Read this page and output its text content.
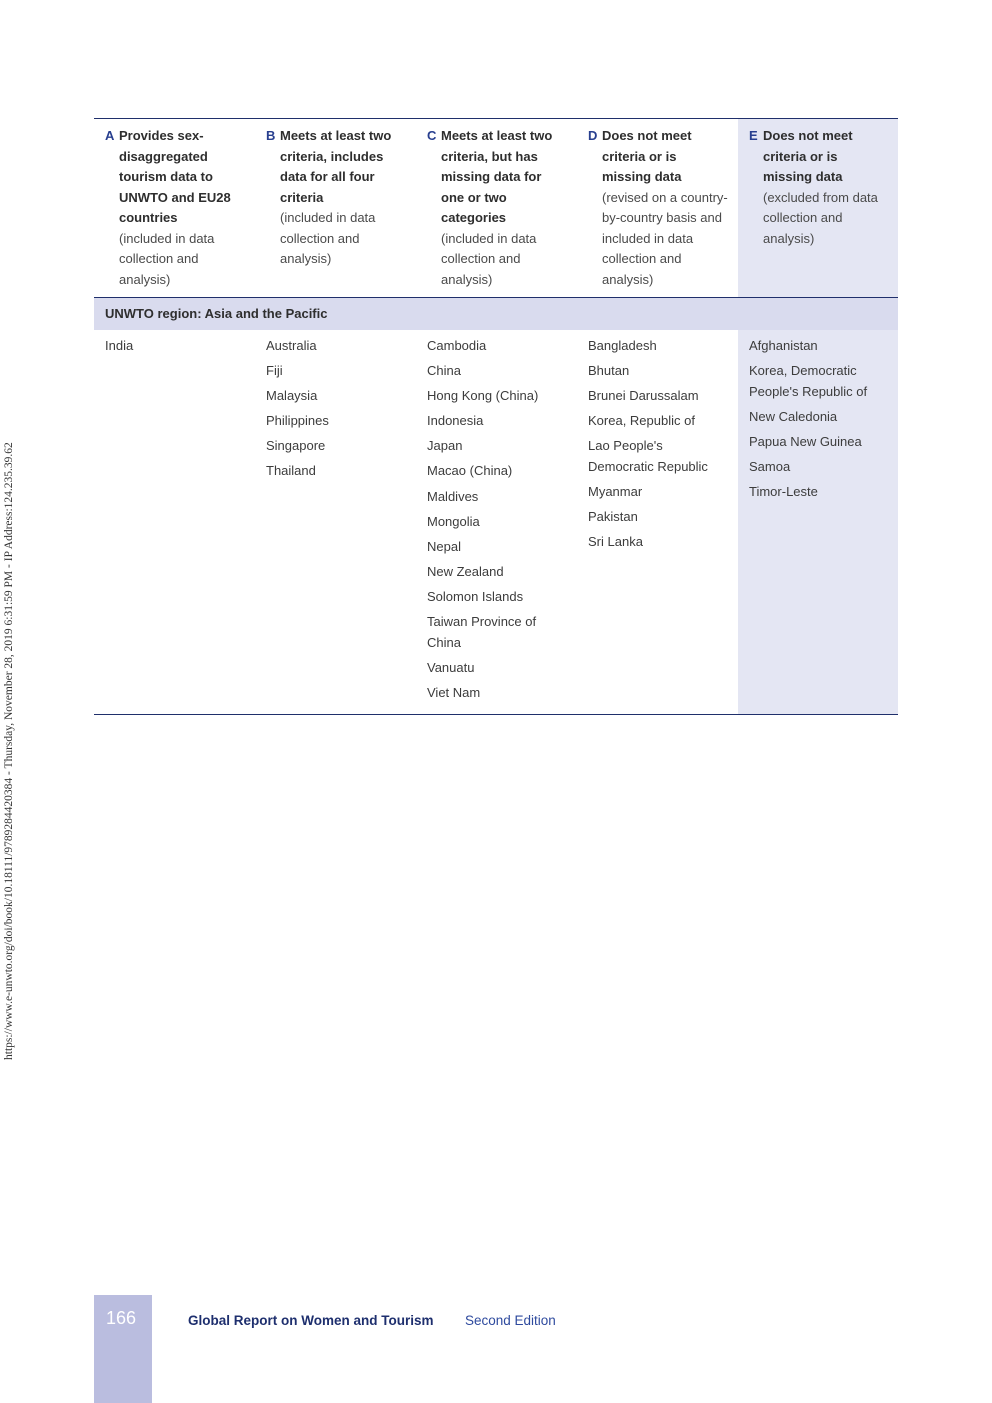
https://www.e-unwto.org/doi/book/10.18111/9789284420384 - Thursday, November 28, 2019 6:31:59 PM - IP Address:124.235.39.62
A Provides sex-disaggregated tourism data to UNWTO and EU28 countries
(included in data collection and analysis)
B Meets at least two criteria, includes data for all four criteria
(included in data collection and analysis)
C Meets at least two criteria, but has missing data for one or two categories
(included in data collection and analysis)
D Does not meet criteria or is missing data
(revised on a country-by-country basis and included in data collection and analysis)
E Does not meet criteria or is missing data
(excluded from data collection and analysis)
UNWTO region: Asia and the Pacific
India	Australia
Fiji
Malaysia
Philippines
Singapore
Thailand
Cambodia
China
Hong Kong (China)
Indonesia
Japan
Macao (China)
Maldives
Mongolia
Nepal
New Zealand
Solomon Islands
Taiwan Province of China
Vanuatu
Viet Nam
Bangladesh
Bhutan
Brunei Darussalam
Korea, Republic of
Lao People's Democratic Republic
Myanmar
Pakistan
Sri Lanka
Afghanistan
Korea, Democratic People's Republic of
New Caledonia
Papua New Guinea
Samoa
Timor-Leste
166	Global Report on Women and Tourism Second Edition
